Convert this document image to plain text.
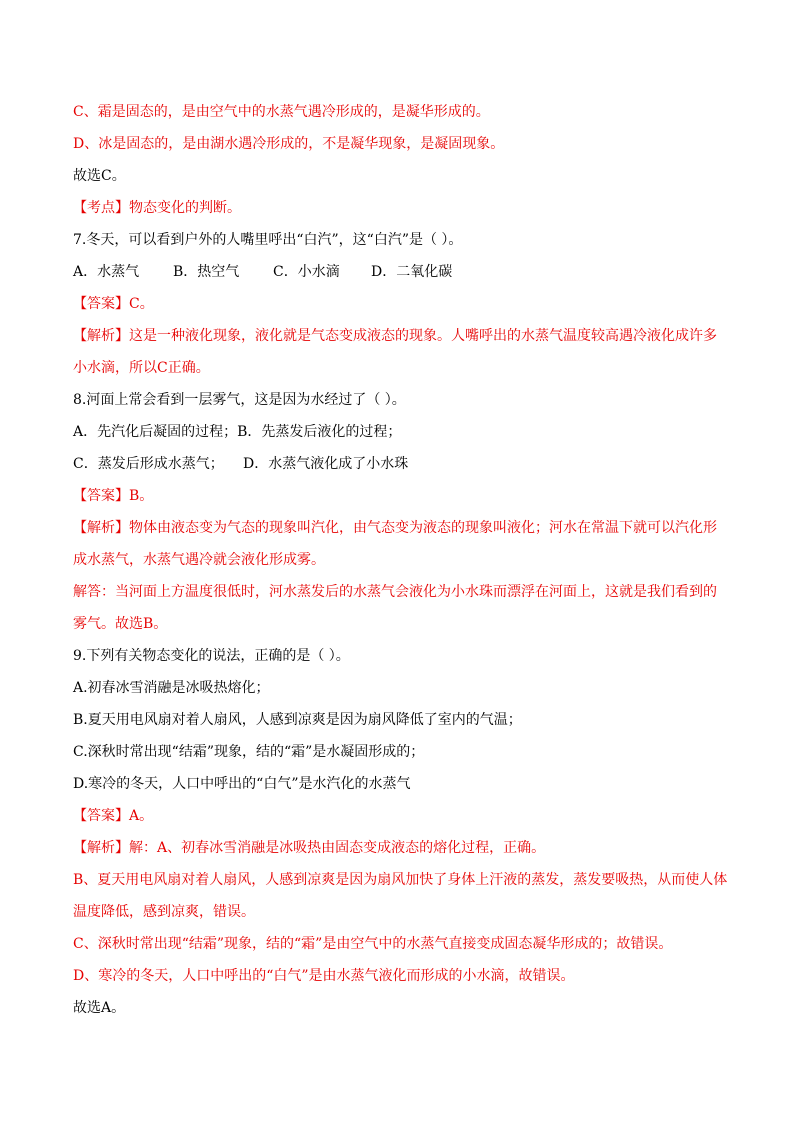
C、霜是固态的，是由空气中的水蒸气遇冷形成的，是凝华形成的。
D、冰是固态的，是由湖水遇冷形成的，不是凝华现象，是凝固现象。
故选C。
【考点】物态变化的判断。
7.冬天，可以看到户外的人嘴里呼出“白汽”，这“白汽”是（ ）。
A．水蒸气 B．热空气 C．小水滴 D．二氧化碳
【答案】C。
【解析】这是一种液化现象，液化就是气态变成液态的现象。人嘴呼出的水蒸气温度较高遇冷液化成许多
小水滴，所以C正确。
8.河面上常会看到一层雾气，这是因为水经过了（ ）。
A．先汽化后凝固的过程；B．先蒸发后液化的过程；
C．蒸发后形成水蒸气； D．水蒸气液化成了小水珠
【答案】B。
【解析】物体由液态变为气态的现象叫汽化，由气态变为液态的现象叫液化；河水在常温下就可以汽化形
成水蒸气，水蒸气遇冷就会液化形成雾。
解答：当河面上方温度很低时，河水蒸发后的水蒸气会液化为小水珠而漂浮在河面上，这就是我们看到的
雾气。故选B。
9.下列有关物态变化的说法，正确的是（ ）。
A.初春冰雪消融是冰吸热熔化；
B.夏天用电风扇对着人扇风，人感到凉爽是因为扇风降低了室内的气温；
C.深秋时常出现“结霜”现象，结的“霜”是水凝固形成的；
D.寒冷的冬天，人口中呼出的“白气”是水汽化的水蒸气
【答案】A。
【解析】解：A、初春冰雪消融是冰吸热由固态变成液态的熔化过程，正确。
B、夏天用电风扇对着人扇风，人感到凉爽是因为扇风加快了身体上汗液的蒸发，蒸发要吸热，从而使人体
温度降低，感到凉爽，错误。
C、深秋时常出现“结霜”现象，结的“霜”是由空气中的水蒸气直接变成固态凝华形成的；故错误。
D、寒冷的冬天，人口中呼出的“白气”是由水蒸气液化而形成的小水滴，故错误。
故选A。
